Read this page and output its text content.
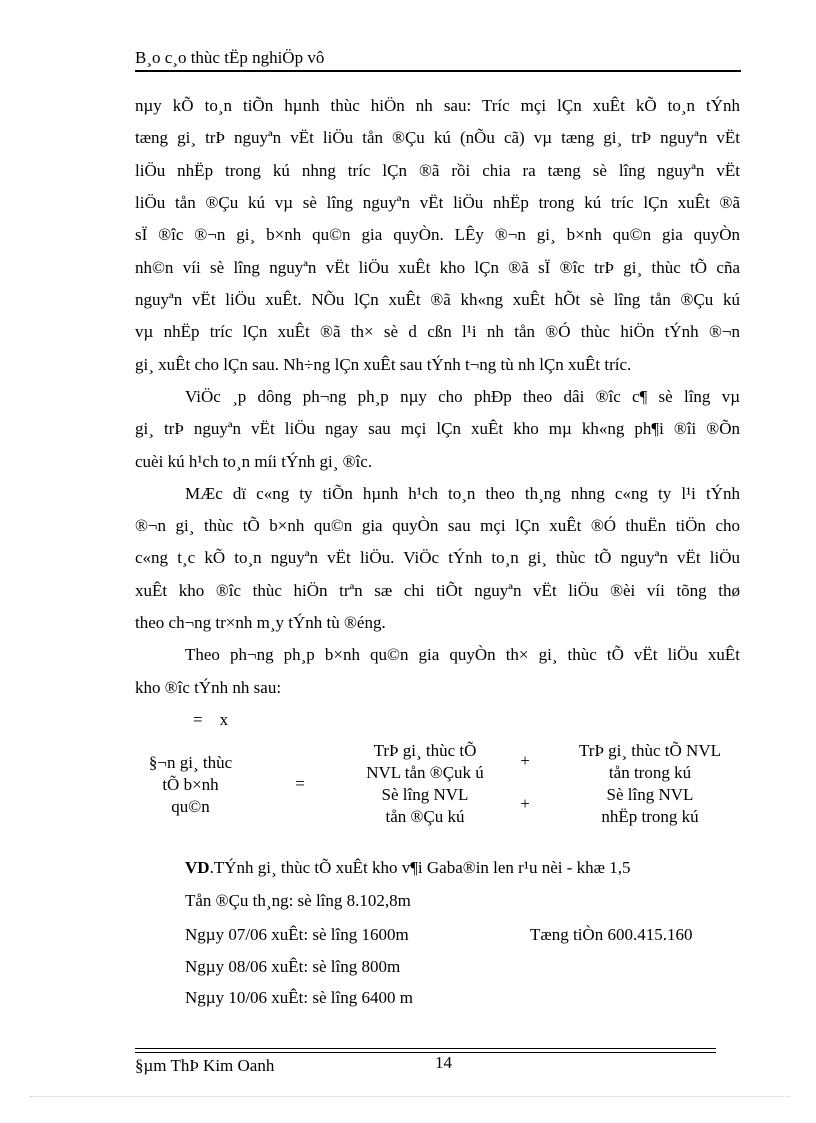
B¸o c¸o thùc tËp nghiÖp vô
nµy kÕ to¸n tiÕn hµnh thùc hiÖn nh sau: Tríc mçi lÇn xuÊt kÕ to¸n tÝnh
tæng gi¸ trÞ nguyªn vËt liÖu tån ®Çu kú (nÕu cã) vµ tæng gi¸ trÞ nguyªn vËt
liÖu nhËp trong kú nhng tríc lÇn ®ã rồi chia ra tæng sè lîng nguyªn vËt
liÖu tån ®Çu kú vµ sè lîng nguyªn vËt liÖu nhËp trong kú tríc lÇn xuÊt ®ã
sÏ ®îc ®¬n gi¸ b×nh qu©n gia quyÒn. LÊy ®¬n gi¸ b×nh qu©n gia quyÒn
nh©n víi sè lîng nguyªn vËt liÖu xuÊt kho lÇn ®ã sÏ ®îc trÞ gi¸ thùc tÕ cña
nguyªn vËt liÖu xuÊt. NÕu lÇn xuÊt ®ã kh«ng xuÊt hÕt sè lîng tån ®Çu kú
vµ nhËp tríc lÇn xuÊt ®ã th× sè d cßn l¹i nh tån ®Ó thùc hiÖn tÝnh ®¬n
gi¸ xuÊt cho lÇn sau. Nh÷ng lÇn xuÊt sau tÝnh t¬ng tù nh lÇn xuÊt tríc.
ViÖc ¸p dông ph¬ng ph¸p nµy cho phÐp theo dâi ®îc c¶ sè lîng vµ
gi¸ trÞ nguyªn vËt liÖu ngay sau mçi lÇn xuÊt kho mµ kh«ng ph¶i ®îi ®Õn
cuèi kú h¹ch to¸n míi tÝnh gi¸ ®îc.
MÆc dï c«ng ty tiÕn hµnh h¹ch to¸n theo th¸ng nhng c«ng ty l¹i tÝnh
®¬n gi¸ thùc tÕ b×nh qu©n gia quyÒn sau mçi lÇn xuÊt ®Ó thuËn tiÖn cho
c«ng t¸c kÕ to¸n nguyªn vËt liÖu. ViÖc tÝnh to¸n gi¸ thùc tÕ nguyªn vËt liÖu
xuÊt kho ®îc thùc hiÖn trªn sæ chi tiÕt nguyªn vËt liÖu ®èi víi tõng thø
theo ch¬ng tr×nh m¸y tÝnh tù ®éng.
Theo ph¬ng ph¸p b×nh qu©n gia quyÒn th× gi¸ thùc tÕ vËt liÖu xuÊt
kho ®îc tÝnh nh sau:
=    x
§¬n gi¸ thùc
tÕ b×nh
qu©n
=
TrÞ gi¸ thùc tÕ
NVL tån ®Çuk ú
+
TrÞ gi¸ thùc tÕ NVL
tån trong kú
Sè lîng NVL
tån ®Çu kú
+	Sè lîng NVL
nhËp trong kú
VD.TÝnh gi¸ thùc tÕ xuÊt kho v¶i Gaba®in len r¹u nèi - khæ 1,5
Tån ®Çu th¸ng: sè lîng 8.102,8m
Ngµy 07/06 xuÊt: sè lîng 1600m	Tæng tiÒn 600.415.160
Ngµy 08/06 xuÊt: sè lîng 800m
Ngµy 10/06 xuÊt: sè lîng 6400 m
§µm ThÞ Kim Oanh	14
